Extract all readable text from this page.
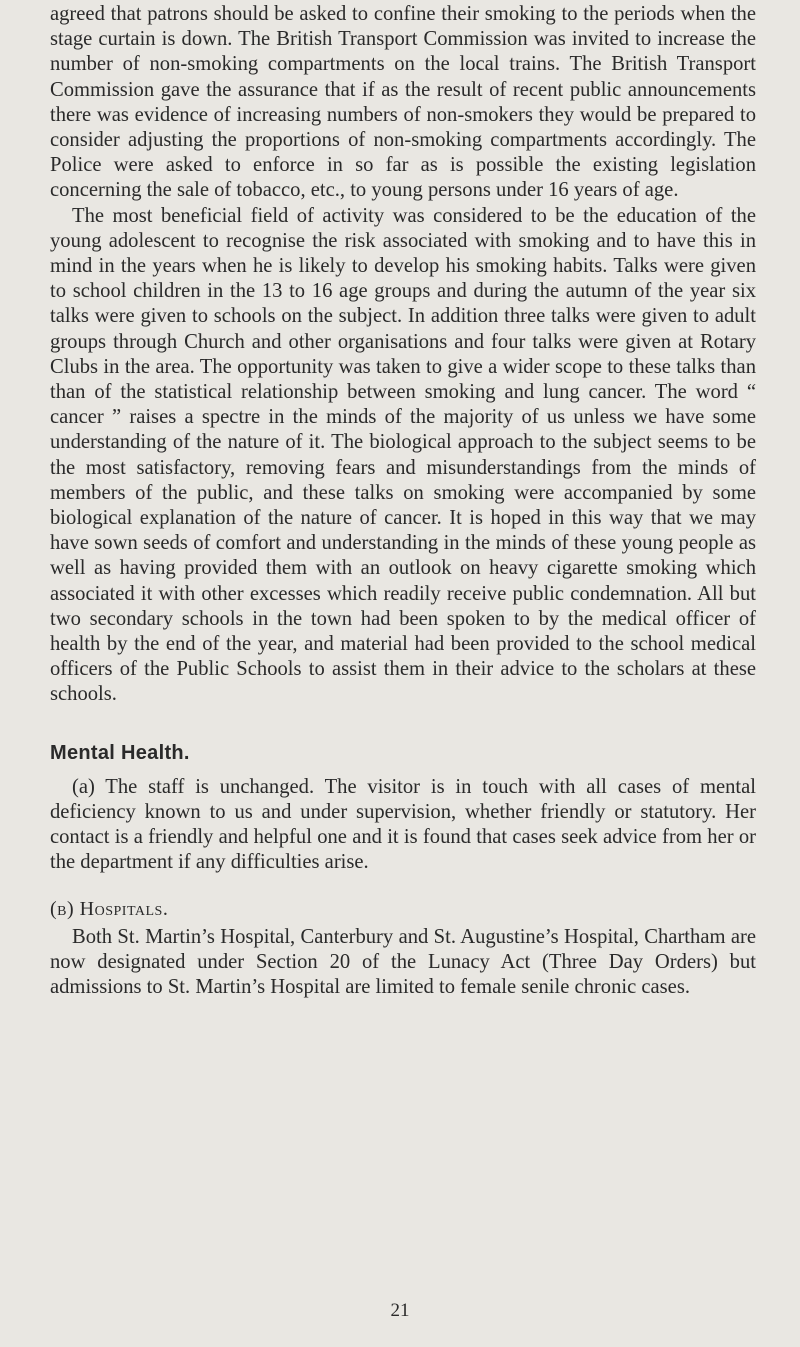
agreed that patrons should be asked to confine their smoking to the periods when the stage curtain is down. The British Transport Commission was invited to increase the number of non-smoking compartments on the local trains. The British Transport Commission gave the assurance that if as the result of recent public announcements there was evidence of increasing numbers of non-smokers they would be prepared to consider adjusting the proportions of non-smoking compartments accordingly. The Police were asked to enforce in so far as is possible the existing legislation concerning the sale of tobacco, etc., to young persons under 16 years of age.

The most beneficial field of activity was considered to be the education of the young adolescent to recognise the risk associated with smoking and to have this in mind in the years when he is likely to develop his smoking habits. Talks were given to school children in the 13 to 16 age groups and during the autumn of the year six talks were given to schools on the subject. In addition three talks were given to adult groups through Church and other organisations and four talks were given at Rotary Clubs in the area. The opportunity was taken to give a wider scope to these talks than than of the statistical relationship between smoking and lung cancer. The word “ cancer ” raises a spectre in the minds of the majority of us unless we have some understanding of the nature of it. The biological approach to the subject seems to be the most satisfactory, removing fears and misunderstandings from the minds of members of the public, and these talks on smoking were accompanied by some biological explanation of the nature of cancer. It is hoped in this way that we may have sown seeds of comfort and understanding in the minds of these young people as well as having provided them with an outlook on heavy cigarette smoking which associated it with other excesses which readily receive public condemnation. All but two secondary schools in the town had been spoken to by the medical officer of health by the end of the year, and material had been provided to the school medical officers of the Public Schools to assist them in their advice to the scholars at these schools.

Mental Health.

(a) The staff is unchanged. The visitor is in touch with all cases of mental deficiency known to us and under supervision, whether friendly or statutory. Her contact is a friendly and helpful one and it is found that cases seek advice from her or the department if any difficulties arise.

(b) Hospitals.

Both St. Martin’s Hospital, Canterbury and St. Augustine’s Hospital, Chartham are now designated under Section 20 of the Lunacy Act (Three Day Orders) but admissions to St. Martin’s Hospital are limited to female senile chronic cases.

21
